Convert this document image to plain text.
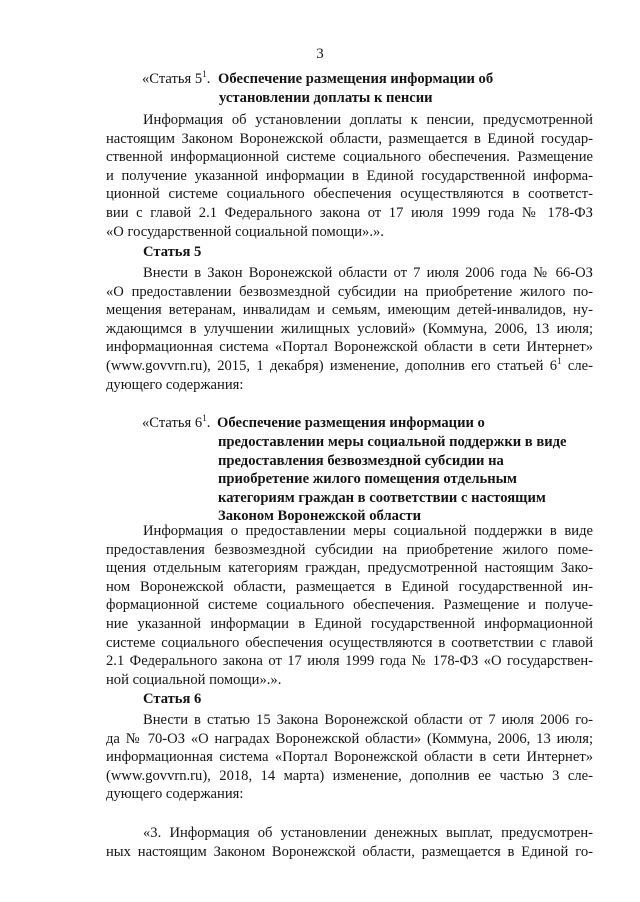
3
«Статья $5^1$. Обеспечение размещения информации об
установлении доплаты к пенсии
Информация об установлении доплаты к пенсии, предусмотренной
настоящим Законом Воронежской области, размещается в Единой государ-
ственной информационной системе социального обеспечения. Размещение
и получение указанной информации в Единой государственной информа-
ционной системе социального обеспечения осуществляются в соответст-
вии с главой 2.1 Федерального закона от 17 июля 1999 года № 178-ФЗ
«О государственной социальной помощи».».
Статья 5
Внести в Закон Воронежской области от 7 июля 2006 года № 66-ОЗ
«О предоставлении безвозмездной субсидии на приобретение жилого по-
мещения ветеранам, инвалидам и семьям, имеющим детей-инвалидов, ну-
ждающимся в улучшении жилищных условий» (Коммуна, 2006, 13 июля;
информационная система «Портал Воронежской области в сети Интернет»
(www.govvrn.ru), 2015, 1 декабря) изменение, дополнив его статьей $6^1$ сле-
дующего содержания:
«Статья $6^1$. Обеспечение размещения информации о
предоставлении меры социальной поддержки в виде
предоставления безвозмездной субсидии на
приобретение жилого помещения отдельным
категориям граждан в соответствии с настоящим
Законом Воронежской области
Информация о предоставлении меры социальной поддержки в виде
предоставления безвозмездной субсидии на приобретение жилого поме-
щения отдельным категориям граждан, предусмотренной настоящим Зако-
ном Воронежской области, размещается в Единой государственной ин-
формационной системе социального обеспечения. Размещение и получе-
ние указанной информации в Единой государственной информационной
системе социального обеспечения осуществляются в соответствии с главой
2.1 Федерального закона от 17 июля 1999 года № 178-ФЗ «О государствен-
ной социальной помощи».».
Статья 6
Внести в статью 15 Закона Воронежской области от 7 июля 2006 го-
да № 70-ОЗ «О наградах Воронежской области» (Коммуна, 2006, 13 июля;
информационная система «Портал Воронежской области в сети Интернет»
(www.govvrn.ru), 2018, 14 марта) изменение, дополнив ее частью 3 сле-
дующего содержания:
«3. Информация об установлении денежных выплат, предусмотрен-
ных настоящим Законом Воронежской области, размещается в Единой го-
